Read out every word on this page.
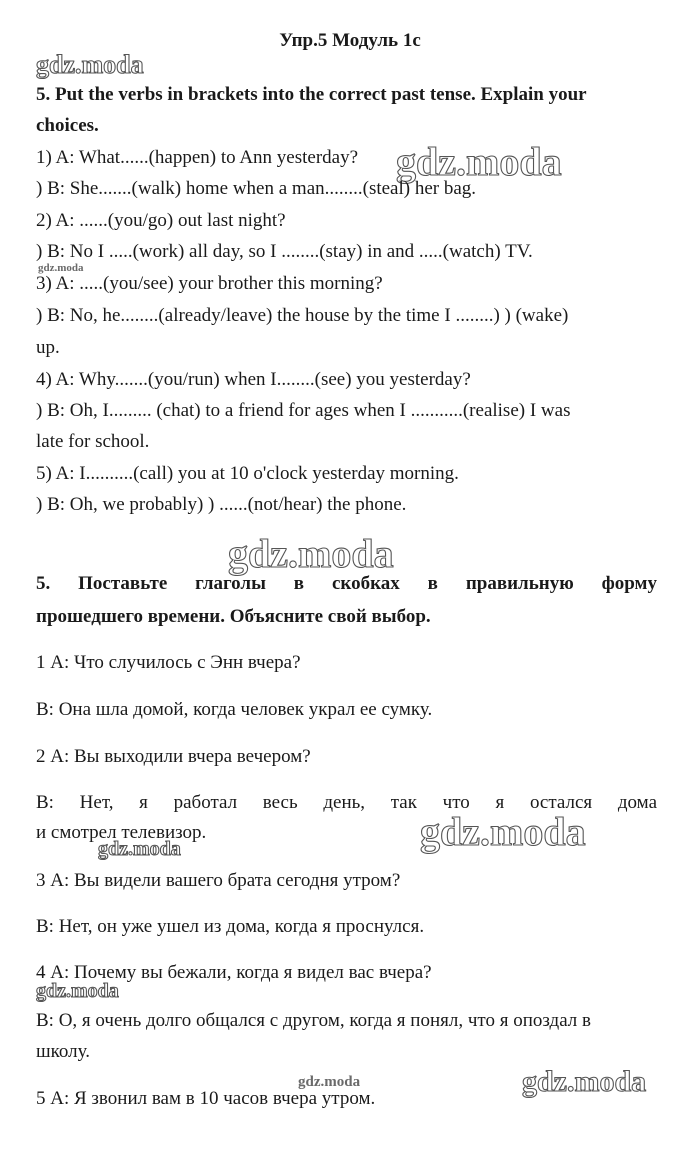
Упр.5 Модуль 1c
gdz.moda
gdz.moda
gdz.moda
gdz.moda
gdz.moda
gdz.moda
gdz.moda
gdz.moda
gdz.moda
5. Put the verbs in brackets into the correct past tense. Explain your
choices.
1) A: What......(happen) to Ann yesterday?
) B: She.......(walk) home when a man........(steal) her bag.
2) A: ......(you/go) out last night?
) B: No I .....(work) all day, so I ........(stay) in and .....(watch) TV.
3) A: .....(you/see) your brother this morning?
) B: No, he........(already/leave) the house by the time I ........) ) (wake)
up.
4) A: Why.......(you/run) when I........(see) you yesterday?
) B: Oh, I......... (chat) to a friend for ages when I ...........(realise) I was
late for school.
5) A: I..........(call) you at 10 o'clock yesterday morning.
) B: Oh, we probably) ) ......(not/hear) the phone.
5. Поставьте глаголы в скобках в правильную форму
прошедшего времени. Объясните свой выбор.
1 А: Что случилось с Энн вчера?
B: Она шла домой, когда человек украл ее сумку.
2 А: Вы выходили вчера вечером?
B: Нет, я работал весь день, так что я остался дома
и смотрел телевизор.
3 А: Вы видели вашего брата сегодня утром?
B: Нет, он уже ушел из дома, когда я проснулся.
4 А: Почему вы бежали, когда я видел вас вчера?
B: О, я очень долго общался с другом, когда я понял, что я опоздал в
школу.
5 А: Я звонил вам в 10 часов вчера утром.
